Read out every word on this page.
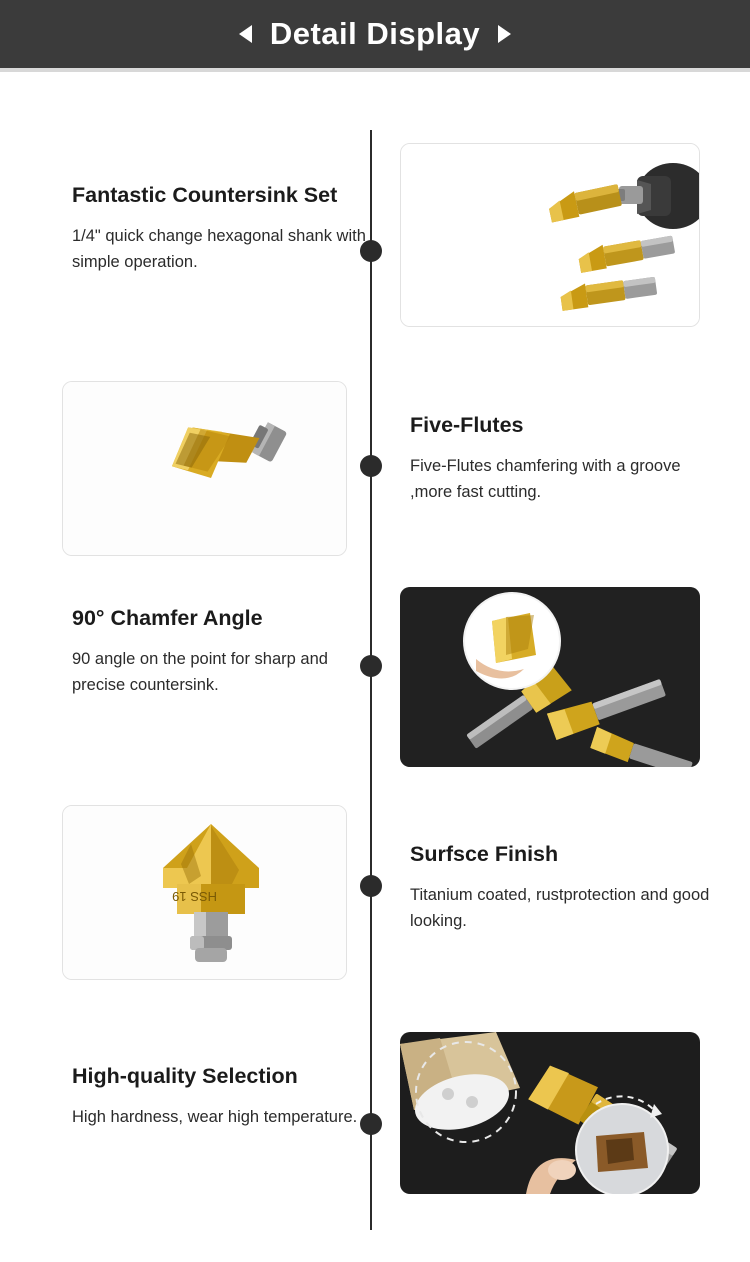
Detail Display
Fantastic Countersink Set
1/4" quick change hexagonal shank with simple operation.
Five-Flutes
Five-Flutes chamfering with a groove ,more fast cutting.
90° Chamfer Angle
90 angle on the point for sharp and precise countersink.
HSS 19
Surfsce Finish
Titanium coated, rustprotection and good looking.
High-quality Selection
High hardness, wear high temperature.
